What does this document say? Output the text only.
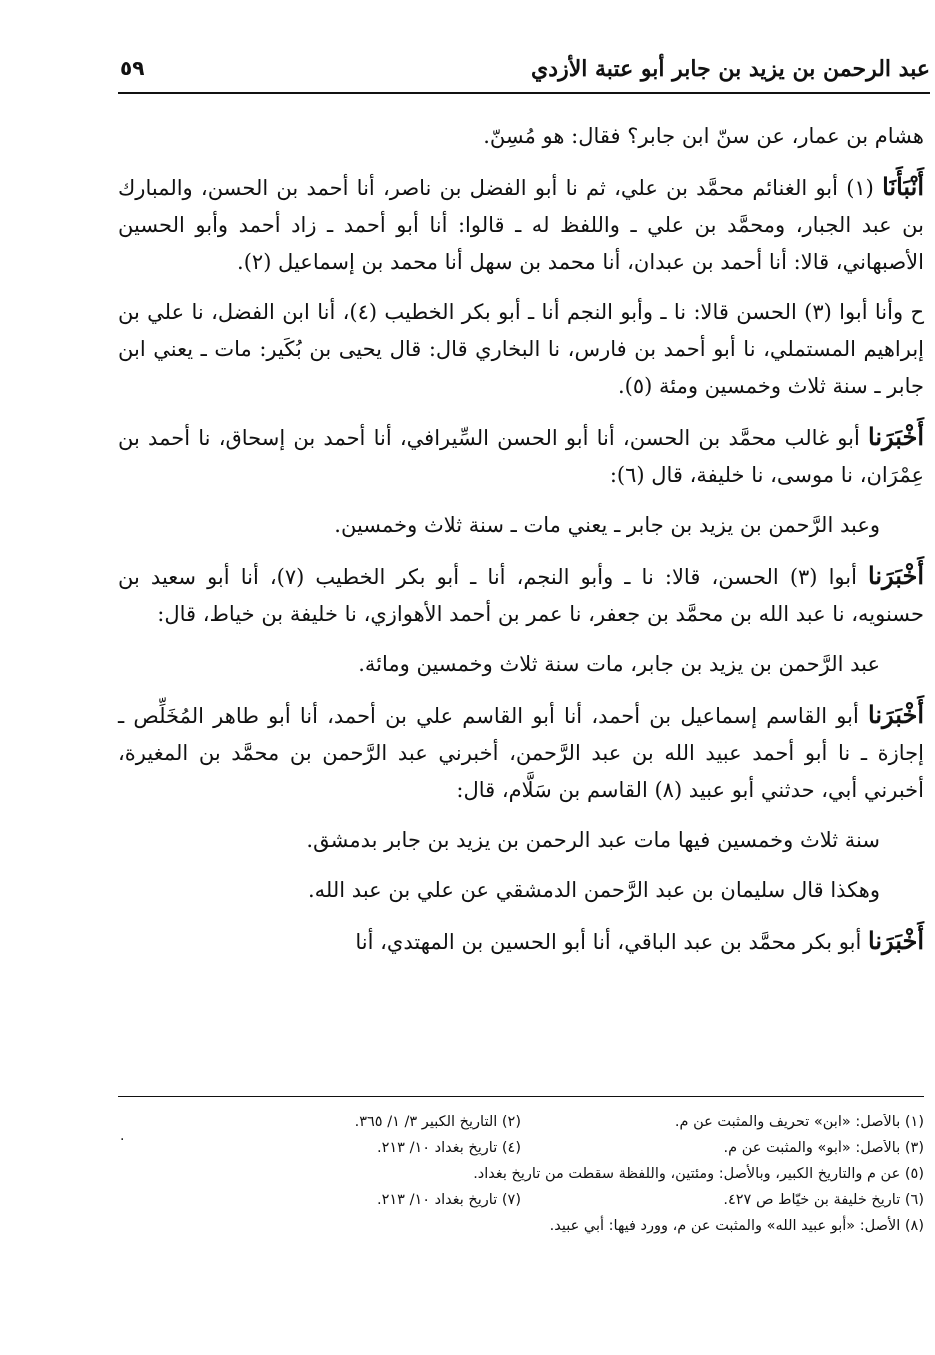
عبد الرحمن بن يزيد بن جابر أبو عتبة الأزدي
٥٩

هشام بن عمار، عن سنّ ابن جابر؟ فقال: هو مُسِنّ.

أَنْبَأَنَا (١) أبو الغنائم محمَّد بن علي، ثم نا أبو الفضل بن ناصر، أنا أحمد بن الحسن، والمبارك بن عبد الجبار، ومحمَّد بن علي ـ واللفظ له ـ قالوا: أنا أبو أحمد ـ زاد أحمد وأبو الحسين الأصبهاني، قالا: أنا أحمد بن عبدان، أنا محمد بن سهل أنا محمد بن إسماعيل (٢).

ح وأنا أبوا (٣) الحسن قالا: نا ـ وأبو النجم أنا ـ أبو بكر الخطيب (٤)، أنا ابن الفضل، نا علي بن إبراهيم المستملي، نا أبو أحمد بن فارس، نا البخاري قال: قال يحيى بن بُكَير: مات ـ يعني ابن جابر ـ سنة ثلاث وخمسين ومئة (٥).

أَخْبَرَنا أبو غالب محمَّد بن الحسن، أنا أبو الحسن السِّيرافي، أنا أحمد بن إسحاق، نا أحمد بن عِمْرَان، نا موسى، نا خليفة، قال (٦):

وعبد الرَّحمن بن يزيد بن جابر ـ يعني مات ـ سنة ثلاث وخمسين.

أَخْبَرَنا أبوا (٣) الحسن، قالا: نا ـ وأبو النجم، أنا ـ أبو بكر الخطيب (٧)، أنا أبو سعيد بن حسنويه، نا عبد الله بن محمَّد بن جعفر، نا عمر بن أحمد الأهوازي، نا خليفة بن خياط، قال:

عبد الرَّحمن بن يزيد بن جابر، مات سنة ثلاث وخمسين ومائة.

أَخْبَرَنا أبو القاسم إسماعيل بن أحمد، أنا أبو القاسم علي بن أحمد، أنا أبو طاهر المُخَلِّص ـ إجازة ـ نا أبو أحمد عبيد الله بن عبد الرَّحمن، أخبرني عبد الرَّحمن بن محمَّد بن المغيرة، أخبرني أبي، حدثني أبو عبيد (٨) القاسم بن سَلَّام، قال:

سنة ثلاث وخمسين فيها مات عبد الرحمن بن يزيد بن جابر بدمشق.

وهكذا قال سليمان بن عبد الرَّحمن الدمشقي عن علي بن عبد الله.

أَخْبَرَنا أبو بكر محمَّد بن عبد الباقي، أنا أبو الحسين بن المهتدي، أنا

.
(١) بالأصل: «ابن» تحريف والمثبت عن م.
(٢) التاريخ الكبير ٣/ ١/ ٣٦٥.
(٣) بالأصل: «أبو» والمثبت عن م.
(٤) تاريخ بغداد ١٠/ ٢١٣.
(٥) عن م والتاريخ الكبير، وبالأصل: ومئتين، واللفظة سقطت من تاريخ بغداد.
(٦) تاريخ خليفة بن خيّاط ص ٤٢٧.
(٧) تاريخ بغداد ١٠/ ٢١٣.
(٨) الأصل: «أبو عبيد الله» والمثبت عن م، وورد فيها: أبي عبيد.
